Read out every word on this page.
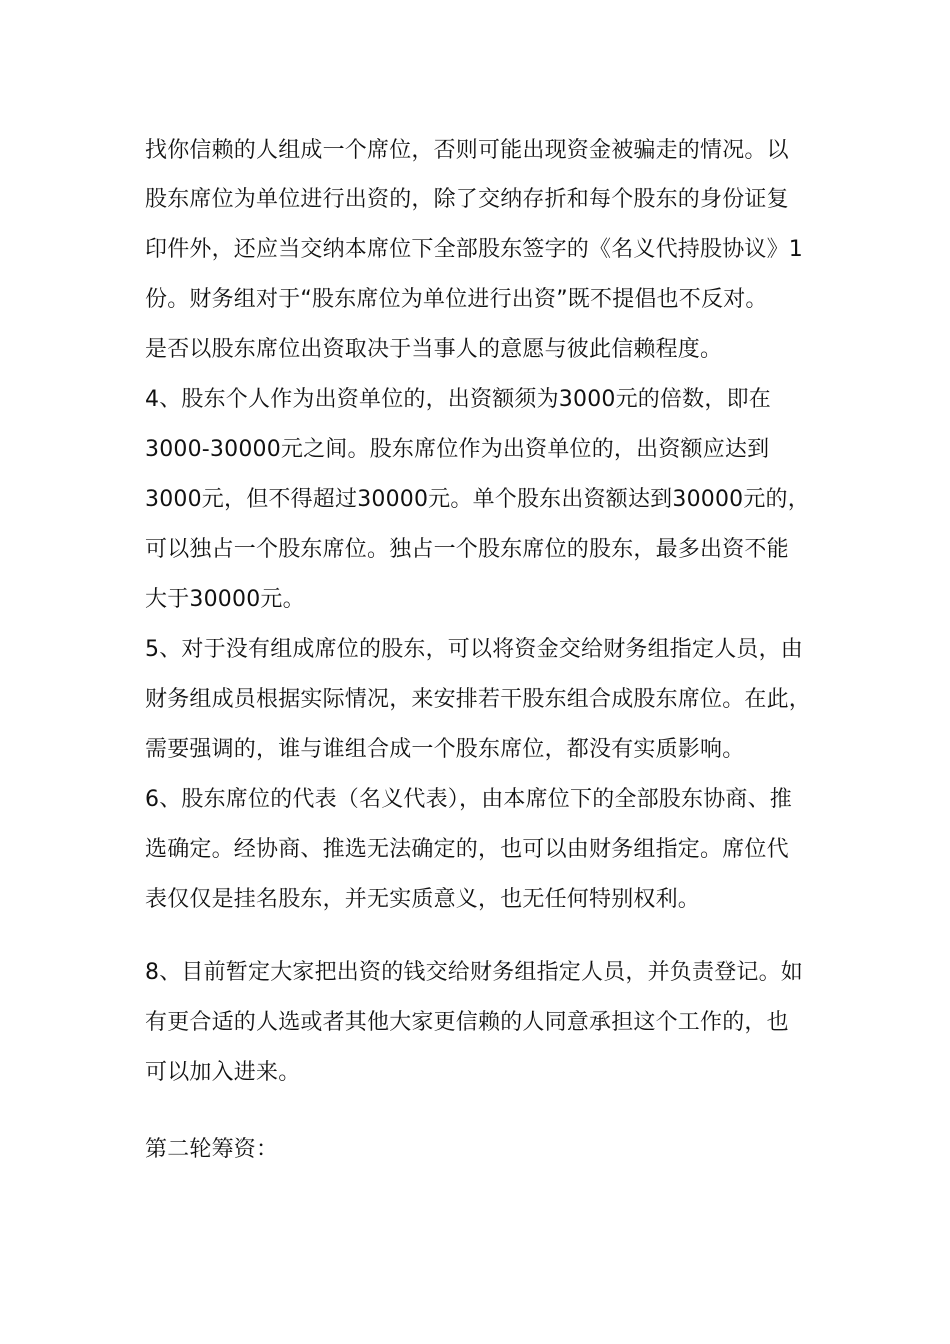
找你信赖的人组成一个席位，否则可能出现资金被骗走的情况。以
股东席位为单位进行出资的，除了交纳存折和每个股东的身份证复
印件外，还应当交纳本席位下全部股东签字的《名义代持股协议》1
份。财务组对于“股东席位为单位进行出资”既不提倡也不反对。
是否以股东席位出资取决于当事人的意愿与彼此信赖程度。
4、股东个人作为出资单位的，出资额须为3000元的倍数，即在
3000-30000元之间。股东席位作为出资单位的，出资额应达到
3000元，但不得超过30000元。单个股东出资额达到30000元的，
可以独占一个股东席位。独占一个股东席位的股东，最多出资不能
大于30000元。
5、对于没有组成席位的股东，可以将资金交给财务组指定人员，由
财务组成员根据实际情况，来安排若干股东组合成股东席位。在此，
需要强调的，谁与谁组合成一个股东席位，都没有实质影响。
6、股东席位的代表（名义代表），由本席位下的全部股东协商、推
选确定。经协商、推选无法确定的，也可以由财务组指定。席位代
表仅仅是挂名股东，并无实质意义，也无任何特别权利。
8、目前暂定大家把出资的钱交给财务组指定人员，并负责登记。如
有更合适的人选或者其他大家更信赖的人同意承担这个工作的，也
可以加入进来。
第二轮筹资：
